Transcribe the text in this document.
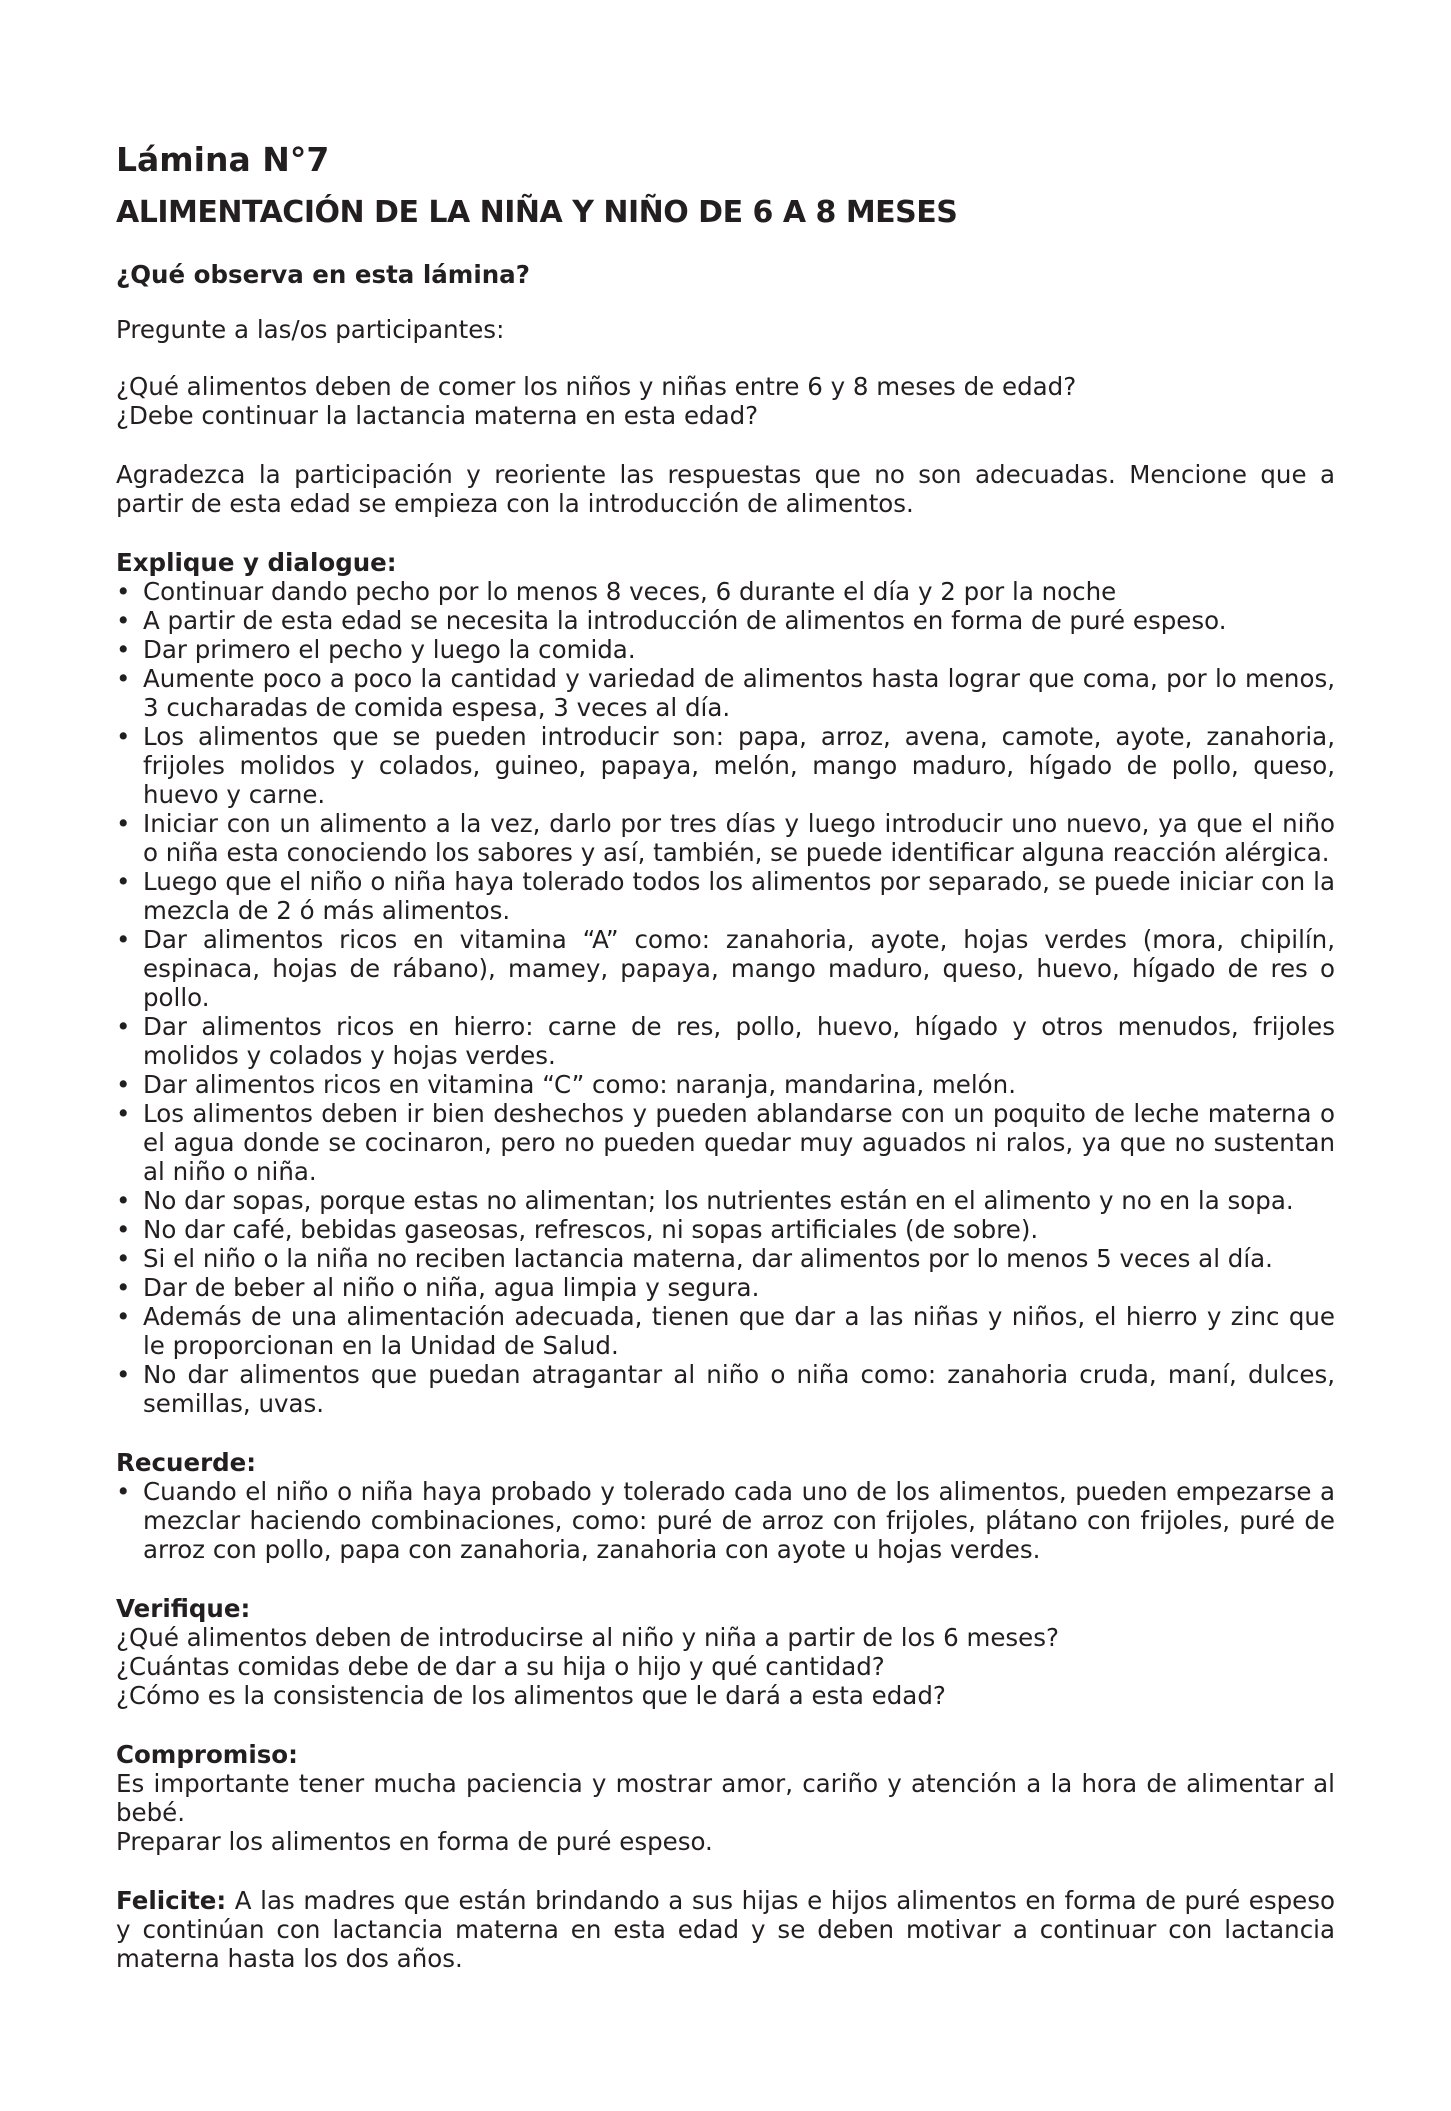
Lámina N°7
ALIMENTACIÓN DE LA NIÑA Y NIÑO DE 6 A 8 MESES

¿Qué observa en esta lámina?

Pregunte a las/os participantes:

¿Qué alimentos deben de comer los niños y niñas entre 6 y 8 meses de edad?

¿Debe continuar la lactancia materna en esta edad?

Agradezca la participación y reoriente las respuestas que no son adecuadas. Mencione que a partir de esta edad se empieza con la introducción de alimentos.

Explique y dialogue:

• Continuar dando pecho por lo menos 8 veces, 6 durante el día y 2 por la noche
• A partir de esta edad se necesita la introducción de alimentos en forma de puré espeso.
• Dar primero el pecho y luego la comida.
• Aumente poco a poco la cantidad y variedad de alimentos hasta lograr que coma, por lo menos, 3 cucharadas de comida espesa, 3 veces al día.
• Los alimentos que se pueden introducir son: papa, arroz, avena, camote, ayote, zanahoria, frijoles molidos y colados, guineo, papaya, melón, mango maduro, hígado de pollo, queso, huevo y carne.
• Iniciar con un alimento a la vez, darlo por tres días y luego introducir uno nuevo, ya que el niño o niña esta conociendo los sabores y así, también, se puede identificar alguna reacción alérgica.
• Luego que el niño o niña haya tolerado todos los alimentos por separado, se puede iniciar con la mezcla de 2 ó más alimentos.
• Dar alimentos ricos en vitamina “A” como: zanahoria, ayote, hojas verdes (mora, chipilín, espinaca, hojas de rábano), mamey, papaya, mango maduro, queso, huevo, hígado de res o pollo.
• Dar alimentos ricos en hierro: carne de res, pollo, huevo, hígado y otros menudos, frijoles molidos y colados y hojas verdes.
• Dar alimentos ricos en vitamina “C” como: naranja, mandarina, melón.
• Los alimentos deben ir bien deshechos y pueden ablandarse con un poquito de leche materna o el agua donde se cocinaron, pero no pueden quedar muy aguados ni ralos, ya que no sustentan al niño o niña.
• No dar sopas, porque estas no alimentan; los nutrientes están en el alimento y no en la sopa.
• No dar café, bebidas gaseosas, refrescos, ni sopas artificiales (de sobre).
• Si el niño o la niña no reciben lactancia materna, dar alimentos por lo menos 5 veces al día.
• Dar de beber al niño o niña, agua limpia y segura.
• Además de una alimentación adecuada, tienen que dar a las niñas y niños, el hierro y zinc que le proporcionan en la Unidad de Salud.
• No dar alimentos que puedan atragantar al niño o niña como: zanahoria cruda, maní, dulces, semillas, uvas.

Recuerde:

• Cuando el niño o niña haya probado y tolerado cada uno de los alimentos, pueden empezarse a mezclar haciendo combinaciones, como: puré de arroz con frijoles, plátano con frijoles, puré de arroz con pollo, papa con zanahoria, zanahoria con ayote u hojas verdes.

Verifique:

¿Qué alimentos deben de introducirse al niño y niña a partir de los 6 meses?

¿Cuántas comidas debe de dar a su hija o hijo y qué cantidad?

¿Cómo es la consistencia de los alimentos que le dará a esta edad?

Compromiso:

Es importante tener mucha paciencia y mostrar amor, cariño y atención a la hora de alimentar al bebé.

Preparar los alimentos en forma de puré espeso.

Felicite: A las madres que están brindando a sus hijas e hijos alimentos en forma de puré espeso y continúan con lactancia materna en esta edad y se deben motivar a continuar con lactancia materna hasta los dos años.
